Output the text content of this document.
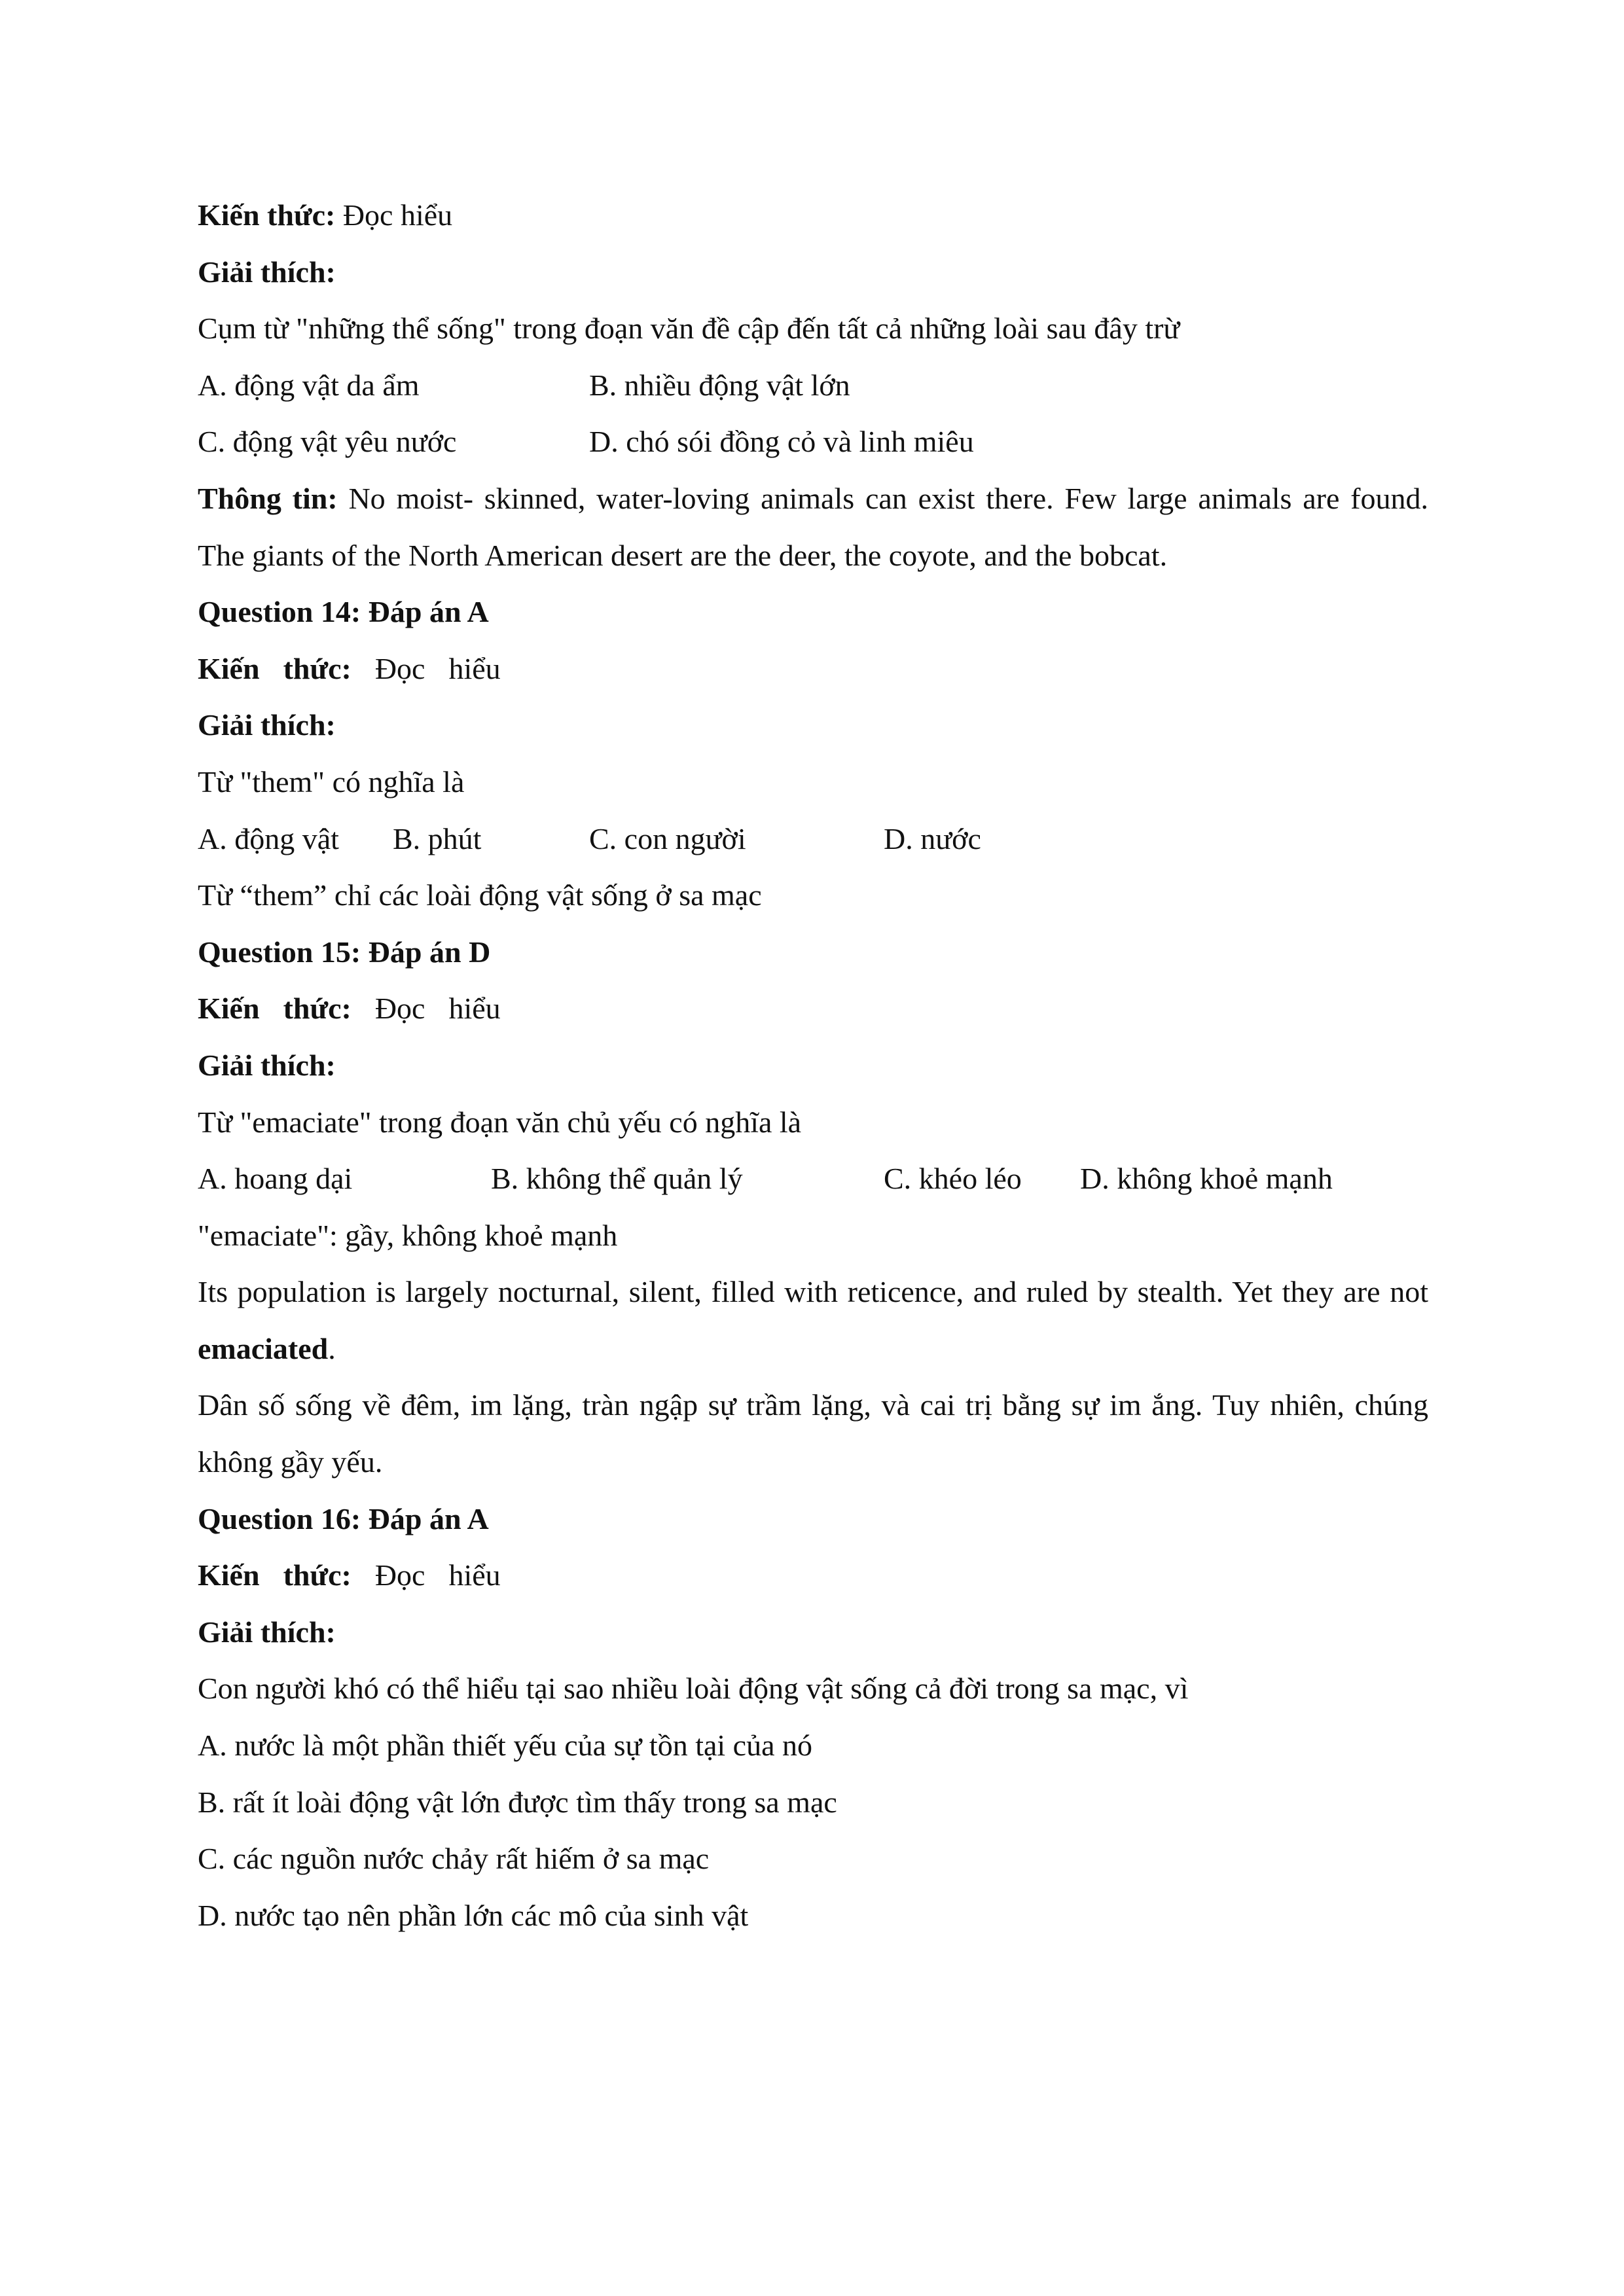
Kiến thức: Đọc hiểu
Giải thích:
Cụm từ "những thể sống" trong đoạn văn đề cập đến tất cả những loài sau đây trừ
A. động vật da ẩm	B. nhiều động vật lớn
C. động vật yêu nước	D. chó sói đồng cỏ và linh miêu
Thông tin: No moist- skinned, water-loving animals can exist there. Few large animals are found. The giants of the North American desert are the deer, the coyote, and the bobcat.
Question 14: Đáp án A
Kiến thức: Đọc hiểu
Giải thích:
Từ "them" có nghĩa là
A. động vật B. phút	C. con người	D. nước
Từ “them” chỉ các loài động vật sống ở sa mạc
Question 15: Đáp án D
Kiến thức: Đọc hiểu
Giải thích:
Từ "emaciate" trong đoạn văn chủ yếu có nghĩa là
A. hoang dại	B. không thể quản lý	C. khéo léo D. không khoẻ mạnh
"emaciate": gầy, không khoẻ mạnh
Its population is largely nocturnal, silent, filled with reticence, and ruled by stealth. Yet they are not emaciated.
Dân số sống về đêm, im lặng, tràn ngập sự trầm lặng, và cai trị bằng sự im ắng. Tuy nhiên, chúng không gầy yếu.
Question 16: Đáp án A
Kiến thức: Đọc hiểu
Giải thích:
Con người khó có thể hiểu tại sao nhiều loài động vật sống cả đời trong sa mạc, vì
A. nước là một phần thiết yếu của sự tồn tại của nó
B. rất ít loài động vật lớn được tìm thấy trong sa mạc
C. các nguồn nước chảy rất hiếm ở sa mạc
D. nước tạo nên phần lớn các mô của sinh vật
